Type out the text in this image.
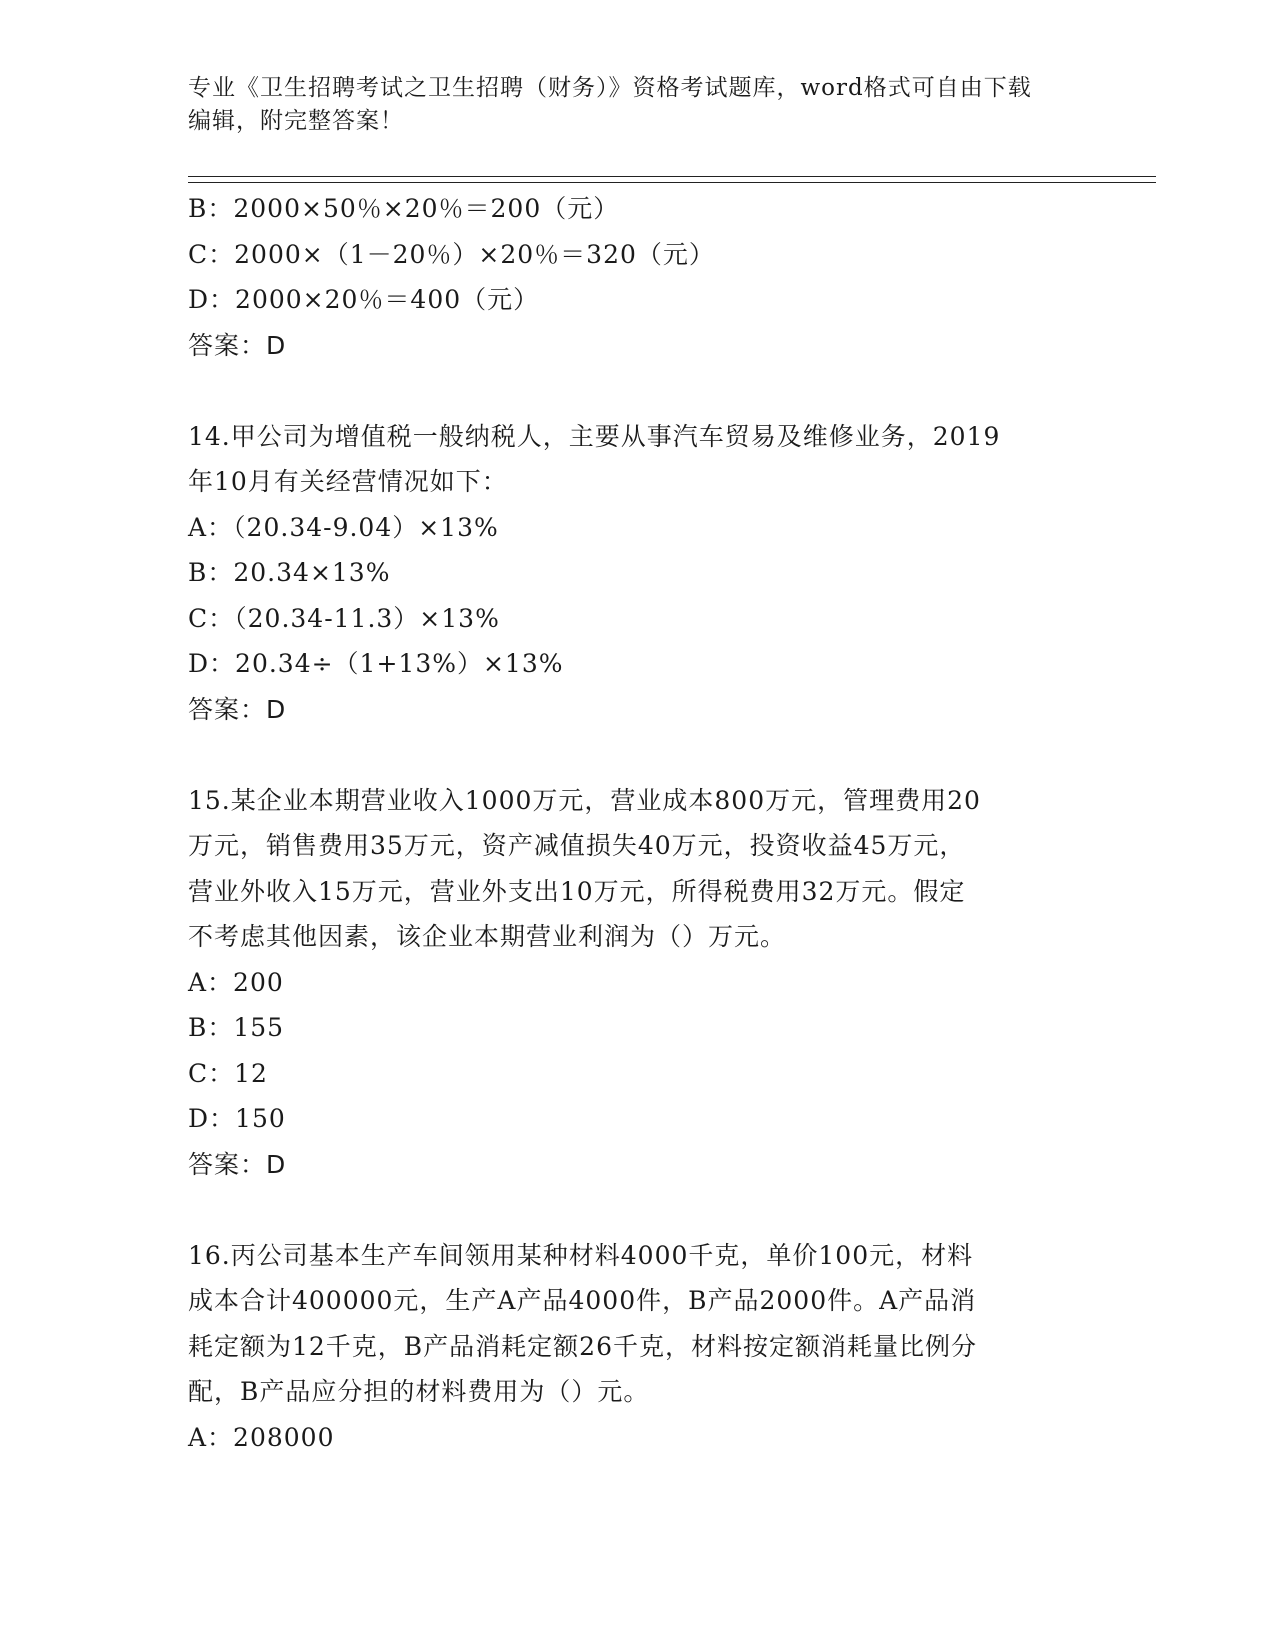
专业《卫生招聘考试之卫生招聘（财务）》资格考试题库，word格式可自由下载
编辑，附完整答案！
B：2000×50％×20％＝200（元）
C：2000×（1－20％）×20％＝320（元）
D：2000×20％＝400（元）
答案：D
14.甲公司为增值税一般纳税人，主要从事汽车贸易及维修业务，2019
年10月有关经营情况如下：
A：（20.34-9.04）×13%
B：20.34×13%
C：（20.34-11.3）×13%
D：20.34÷（1+13%）×13%
答案：D
15.某企业本期营业收入1000万元，营业成本800万元，管理费用20
万元，销售费用35万元，资产减值损失40万元，投资收益45万元，
营业外收入15万元，营业外支出10万元，所得税费用32万元。假定
不考虑其他因素，该企业本期营业利润为（）万元。
A：200
B：155
C：12
D：150
答案：D
16.丙公司基本生产车间领用某种材料4000千克，单价100元，材料
成本合计400000元，生产A产品4000件，B产品2000件。A产品消
耗定额为12千克，B产品消耗定额26千克，材料按定额消耗量比例分
配，B产品应分担的材料费用为（）元。
A：208000
